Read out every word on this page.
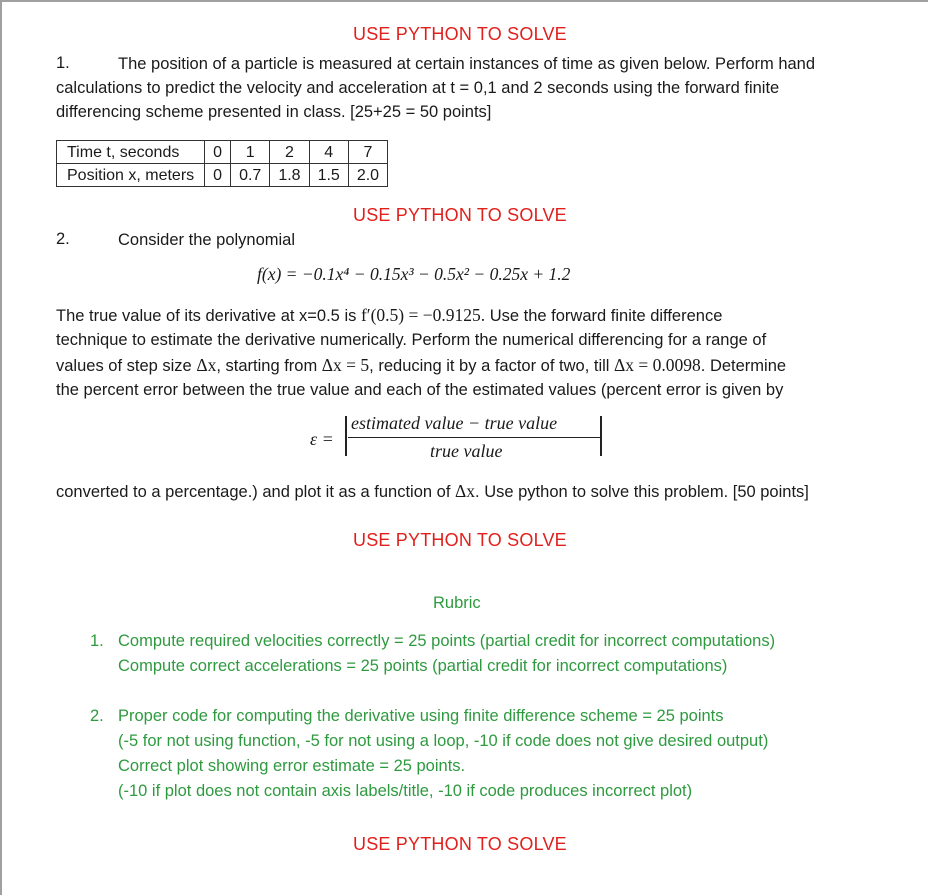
USE PYTHON TO SOLVE
1.	The position of a particle is measured at certain instances of time as given below. Perform hand
calculations to predict the velocity and acceleration at t = 0,1 and 2 seconds using the forward finite
differencing scheme presented in class. [25+25 = 50 points]
Time t, seconds	0	1	2	4	7
Position x, meters	0	0.7	1.8	1.5	2.0
USE PYTHON TO SOLVE
2.	Consider the polynomial
f(x) = −0.1x⁴ − 0.15x³ − 0.5x² − 0.25x + 1.2
The true value of its derivative at x=0.5 is f′(0.5) = −0.9125. Use the forward finite difference
technique to estimate the derivative numerically. Perform the numerical differencing for a range of
values of step size Δx, starting from Δx = 5, reducing it by a factor of two, till Δx = 0.0098. Determine
the percent error between the true value and each of the estimated values (percent error is given by
ε =
estimated value − true value
true value
converted to a percentage.) and plot it as a function of Δx. Use python to solve this problem. [50 points]
USE PYTHON TO SOLVE
Rubric
1. Compute required velocities correctly = 25 points (partial credit for incorrect computations)
Compute correct accelerations = 25 points (partial credit for incorrect computations)
2. Proper code for computing the derivative using finite difference scheme = 25 points
(-5 for not using function, -5 for not using a loop, -10 if code does not give desired output)
Correct plot showing error estimate = 25 points.
(-10 if plot does not contain axis labels/title, -10 if code produces incorrect plot)
USE PYTHON TO SOLVE
